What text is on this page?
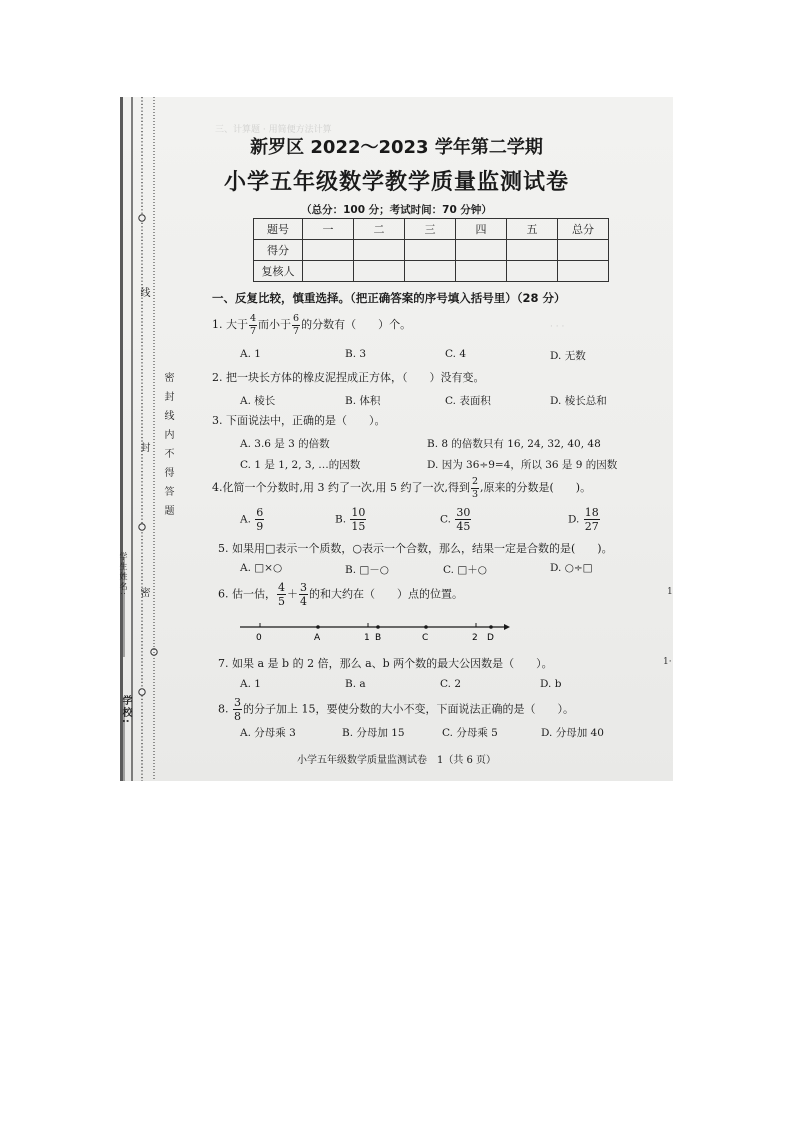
三、计算题 · 用简便方法计算
· · ·
线
封
密
密封线内不得答题
学校:
学生姓名:
新罗区 2022～2023 学年第二学期
小学五年级数学教学质量监测试卷
（总分：100 分；考试时间：70 分钟）
题号	一	二	三	四	五	总分
得分						
复核人						
一、反复比较，慎重选择。（把正确答案的序号填入括号里）（28 分）
1. 大于 $\frac{4}{7}$ 而小于 $\frac{6}{7}$ 的分数有（　　）个。
A. 1	B. 3	C. 4	D. 无数
2. 把一块长方体的橡皮泥捏成正方体，（　　）没有变。
A. 棱长	B. 体积	C. 表面积	D. 棱长总和
3. 下面说法中，正确的是（　　）。
A. 3.6 是 3 的倍数	B. 8 的倍数只有 16, 24, 32, 40, 48
C. 1 是 1, 2, 3, …的因数	D. 因为 36÷9=4，所以 36 是 9 的因数
4.化简一个分数时,用 3 约了一次,用 5 约了一次,得到 $\frac{2}{3}$ ,原来的分数是(　　)。
A. $\frac{6}{9}$	B. $\frac{10}{15}$	C. $\frac{30}{45}$	D. $\frac{18}{27}$
5. 如果用□表示一个质数，○表示一个合数，那么，结果一定是合数的是(　　)。
A. □×○	B. □－○	C. □＋○	D. ○÷□
6. 估一估， $\frac{4}{5} + \frac{3}{4}$ 的和大约在（　　）点的位置。
0	A	1 B	C	2 D
7. 如果 a 是 b 的 2 倍，那么 a、b 两个数的最大公因数是（　　）。
A. 1	B. a	C. 2	D. b
8. $\frac{3}{8}$ 的分子加上 15，要使分数的大小不变，下面说法正确的是（　　）。
A. 分母乘 3	B. 分母加 15	C. 分母乘 5	D. 分母加 40
小学五年级数学质量监测试卷　1（共 6 页）
1
1·
